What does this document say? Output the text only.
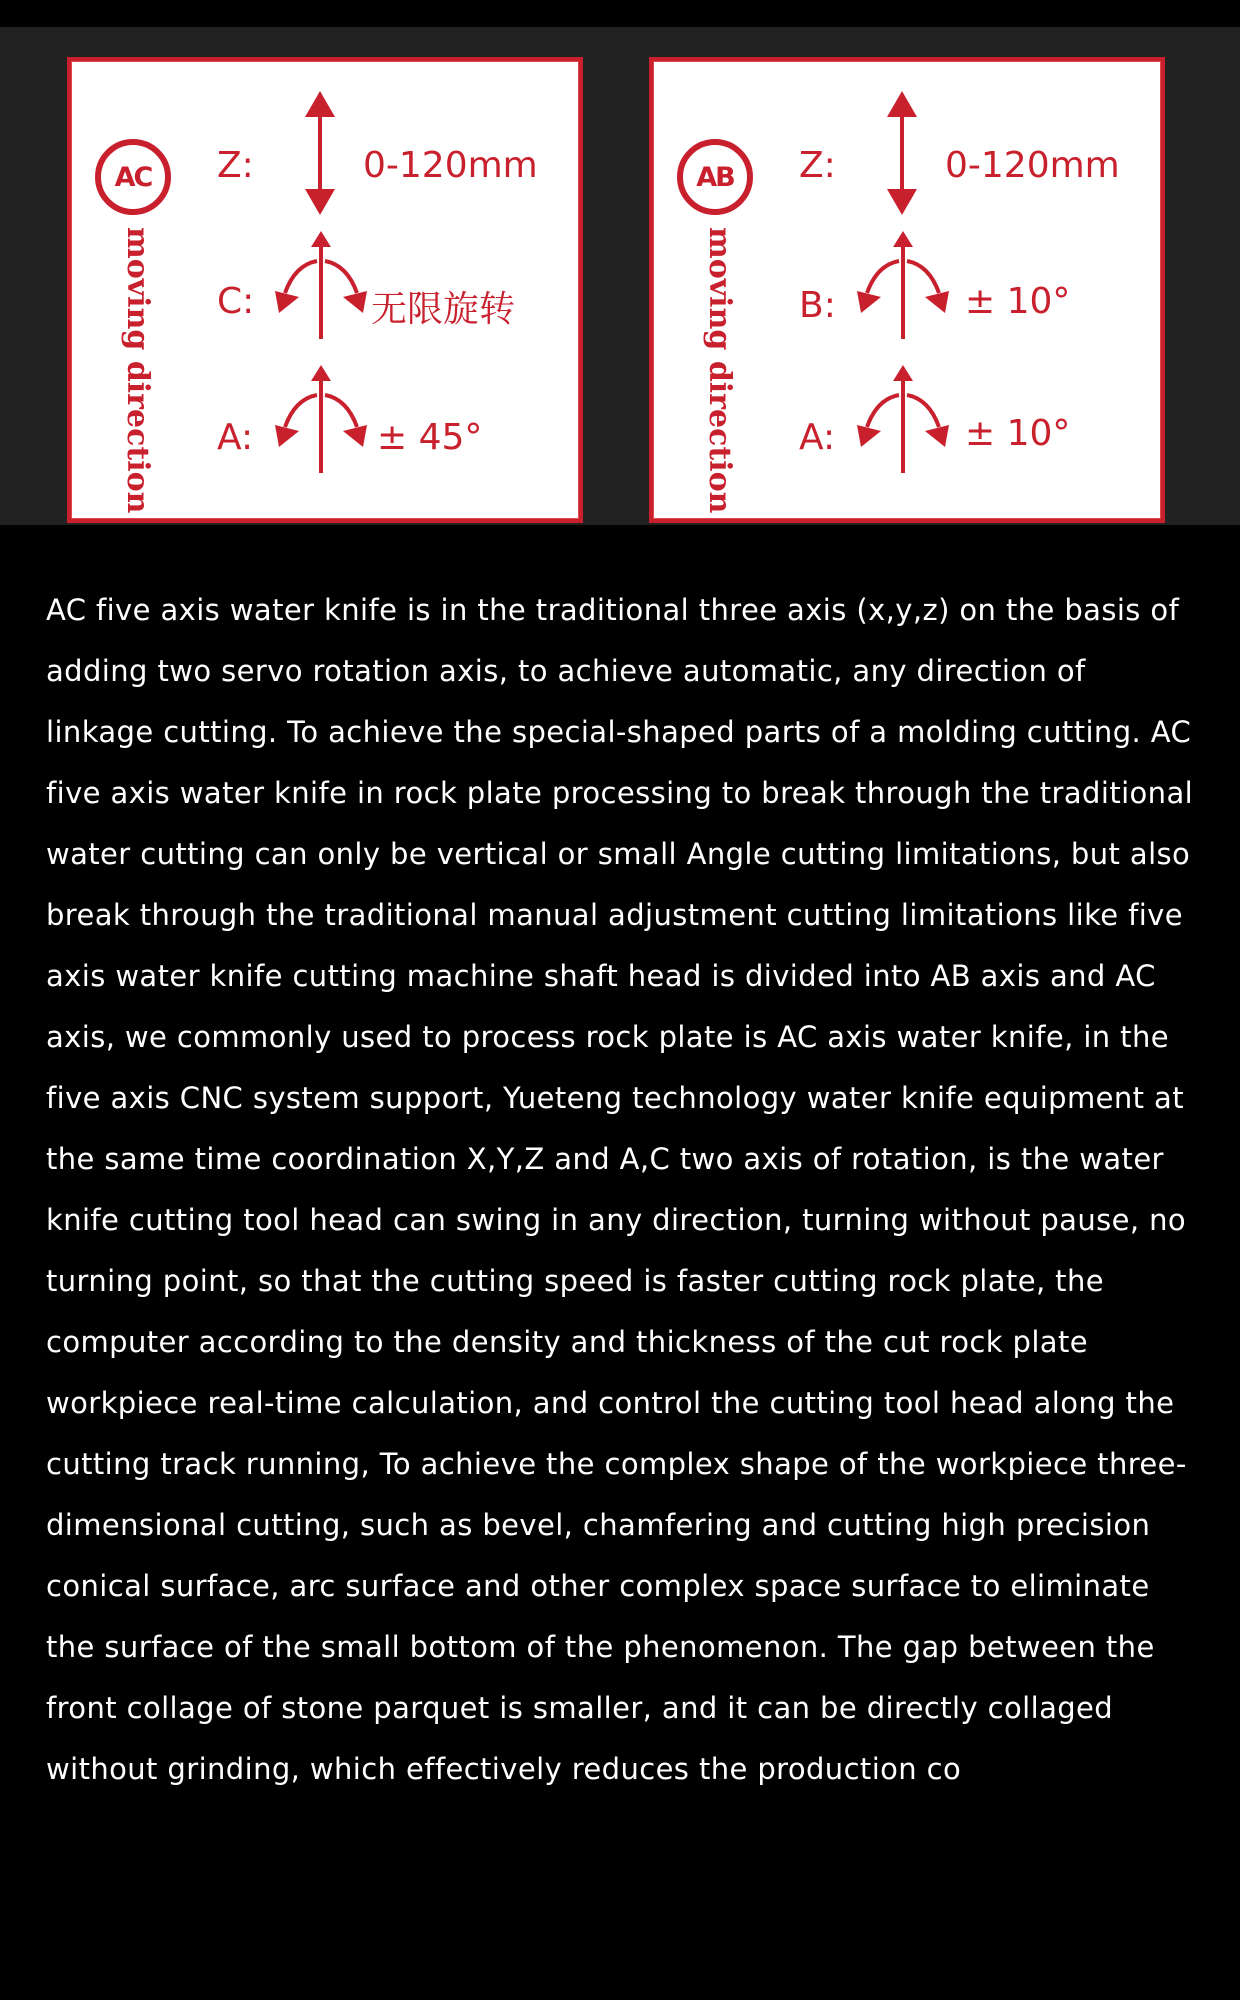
AC
moving direction
Z:	0-120mm
C:	无限旋转
A:	± 45°
AB
moving direction
Z:	0-120mm
B:	± 10°
A:	± 10°
AC five axis water knife is in the traditional three axis (x,y,z) on the basis of adding two servo rotation axis, to achieve automatic, any direction of linkage cutting. To achieve the special-shaped parts of a molding cutting. AC five axis water knife in rock plate processing to break through the traditional water cutting can only be vertical or small Angle cutting limitations, but also break through the traditional manual adjustment cutting limitations like five axis water knife cutting machine shaft head is divided into AB axis and AC axis, we commonly used to process rock plate is AC axis water knife, in the five axis CNC system support, Yueteng technology water knife equipment at the same time coordination X,Y,Z and A,C two axis of rotation, is the water knife cutting tool head can swing in any direction, turning without pause, no turning point, so that the cutting speed is faster cutting rock plate, the computer according to the density and thickness of the cut rock plate workpiece real-time calculation, and control the cutting tool head along the cutting track running, To achieve the complex shape of the workpiece three-dimensional cutting, such as bevel, chamfering and cutting high precision conical surface, arc surface and other complex space surface to eliminate the surface of the small bottom of the phenomenon. The gap between the front collage of stone parquet is smaller, and it can be directly collaged without grinding, which effectively reduces the production co
